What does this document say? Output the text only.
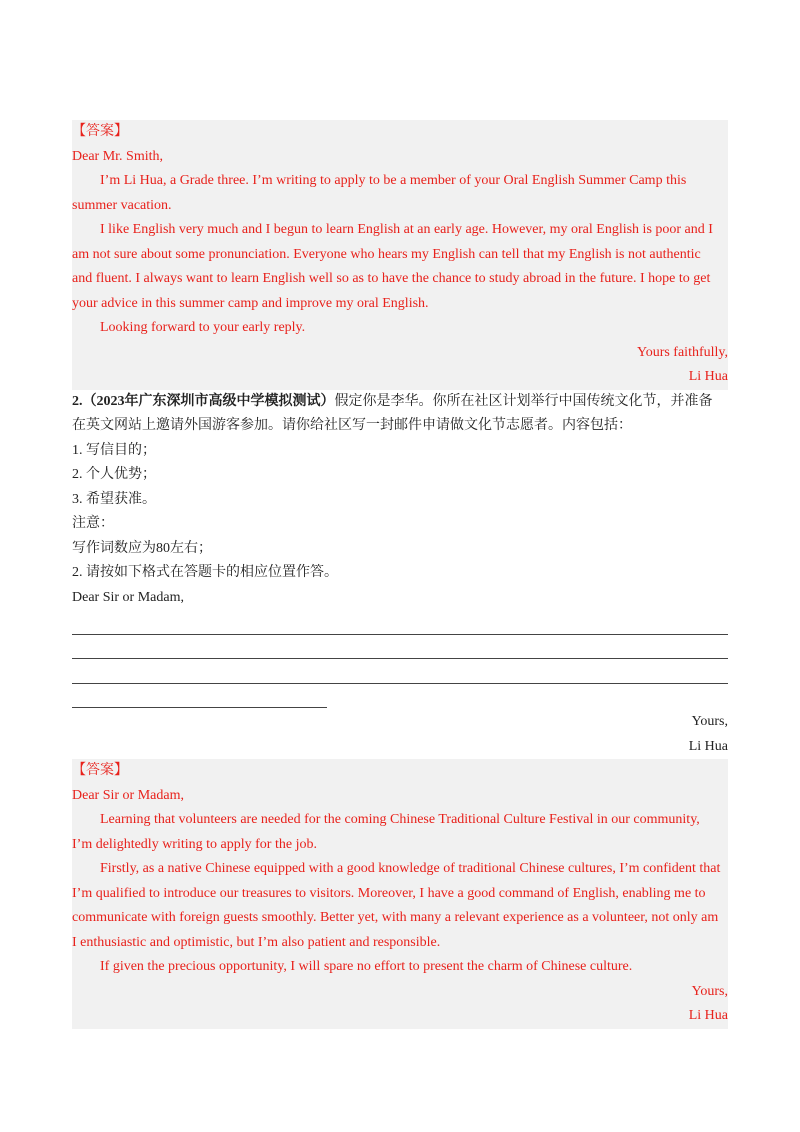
【答案】
Dear Mr. Smith,
I’m Li Hua, a Grade three. I’m writing to apply to be a member of your Oral English Summer Camp this
summer vacation.
I like English very much and I begun to learn English at an early age. However, my oral English is poor and I
am not sure about some pronunciation. Everyone who hears my English can tell that my English is not authentic
and fluent. I always want to learn English well so as to have the chance to study abroad in the future. I hope to get
your advice in this summer camp and improve my oral English.
Looking forward to your early reply.
Yours faithfully,
Li Hua
2.（2023年广东深圳市高级中学模拟测试）假定你是李华。你所在社区计划举行中国传统文化节，并准备
在英文网站上邀请外国游客参加。请你给社区写一封邮件申请做文化节志愿者。内容包括：
1. 写信目的；
2. 个人优势；
3. 希望获准。
注意：
写作词数应为80左右；
2. 请按如下格式在答题卡的相应位置作答。
Dear Sir or Madam,
Yours,
Li Hua
【答案】
Dear Sir or Madam,
Learning that volunteers are needed for the coming Chinese Traditional Culture Festival in our community,
I’m delightedly writing to apply for the job.
Firstly, as a native Chinese equipped with a good knowledge of traditional Chinese cultures, I’m confident that
I’m qualified to introduce our treasures to visitors. Moreover, I have a good command of English, enabling me to
communicate with foreign guests smoothly. Better yet, with many a relevant experience as a volunteer, not only am
I enthusiastic and optimistic, but I’m also patient and responsible.
If given the precious opportunity, I will spare no effort to present the charm of Chinese culture.
Yours,
Li Hua
